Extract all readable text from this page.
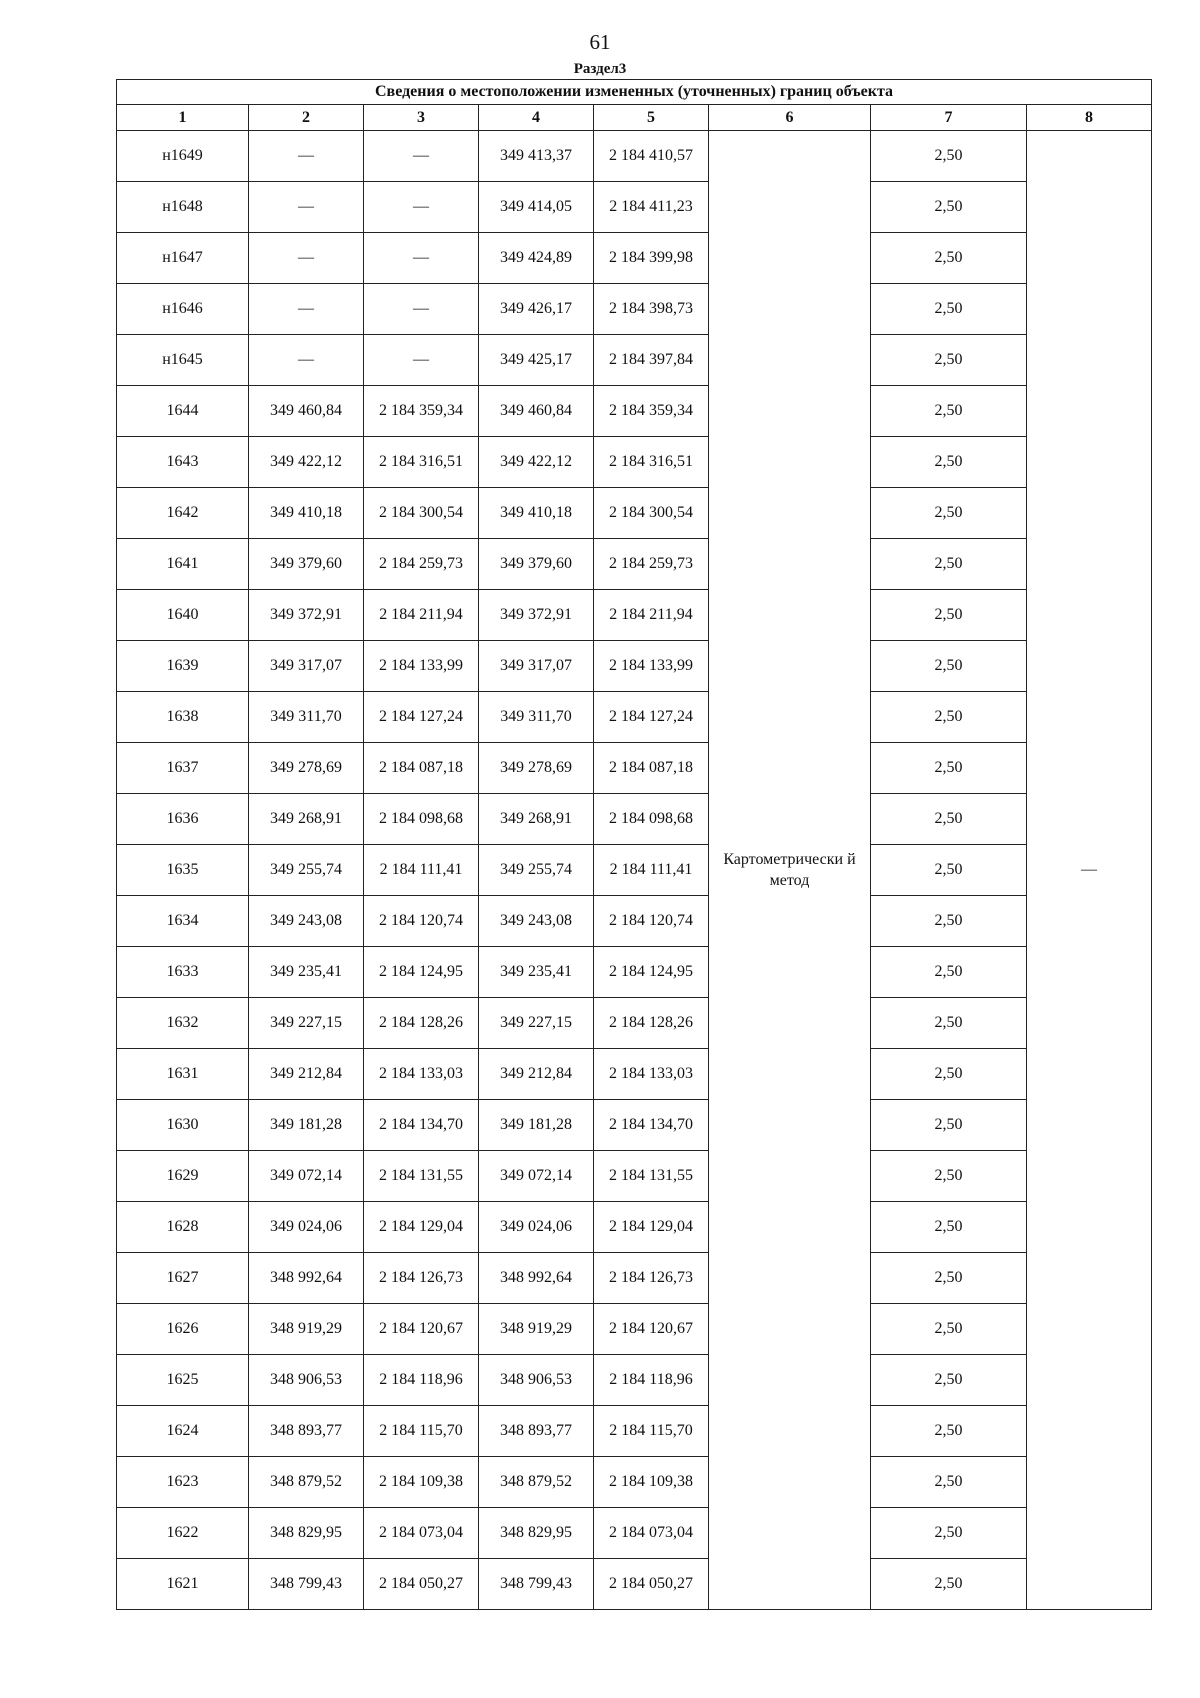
61
Раздел3
Сведения о местоположении измененных (уточненных) границ объекта							
1	2	3	4	5	6	7	8
н1649	—	—	349 413,37	2 184 410,57	Картометрически й метод	2,50	—
н1648	—	—	349 414,05	2 184 411,23		2,50	
н1647	—	—	349 424,89	2 184 399,98		2,50	
н1646	—	—	349 426,17	2 184 398,73		2,50	
н1645	—	—	349 425,17	2 184 397,84		2,50	
1644	349 460,84	2 184 359,34	349 460,84	2 184 359,34		2,50	
1643	349 422,12	2 184 316,51	349 422,12	2 184 316,51		2,50	
1642	349 410,18	2 184 300,54	349 410,18	2 184 300,54		2,50	
1641	349 379,60	2 184 259,73	349 379,60	2 184 259,73		2,50	
1640	349 372,91	2 184 211,94	349 372,91	2 184 211,94		2,50	
1639	349 317,07	2 184 133,99	349 317,07	2 184 133,99		2,50	
1638	349 311,70	2 184 127,24	349 311,70	2 184 127,24		2,50	
1637	349 278,69	2 184 087,18	349 278,69	2 184 087,18		2,50	
1636	349 268,91	2 184 098,68	349 268,91	2 184 098,68		2,50	
1635	349 255,74	2 184 111,41	349 255,74	2 184 111,41		2,50	
1634	349 243,08	2 184 120,74	349 243,08	2 184 120,74		2,50	
1633	349 235,41	2 184 124,95	349 235,41	2 184 124,95		2,50	
1632	349 227,15	2 184 128,26	349 227,15	2 184 128,26		2,50	
1631	349 212,84	2 184 133,03	349 212,84	2 184 133,03		2,50	
1630	349 181,28	2 184 134,70	349 181,28	2 184 134,70		2,50	
1629	349 072,14	2 184 131,55	349 072,14	2 184 131,55		2,50	
1628	349 024,06	2 184 129,04	349 024,06	2 184 129,04		2,50	
1627	348 992,64	2 184 126,73	348 992,64	2 184 126,73		2,50	
1626	348 919,29	2 184 120,67	348 919,29	2 184 120,67		2,50	
1625	348 906,53	2 184 118,96	348 906,53	2 184 118,96		2,50	
1624	348 893,77	2 184 115,70	348 893,77	2 184 115,70		2,50	
1623	348 879,52	2 184 109,38	348 879,52	2 184 109,38		2,50	
1622	348 829,95	2 184 073,04	348 829,95	2 184 073,04		2,50	
1621	348 799,43	2 184 050,27	348 799,43	2 184 050,27		2,50	
